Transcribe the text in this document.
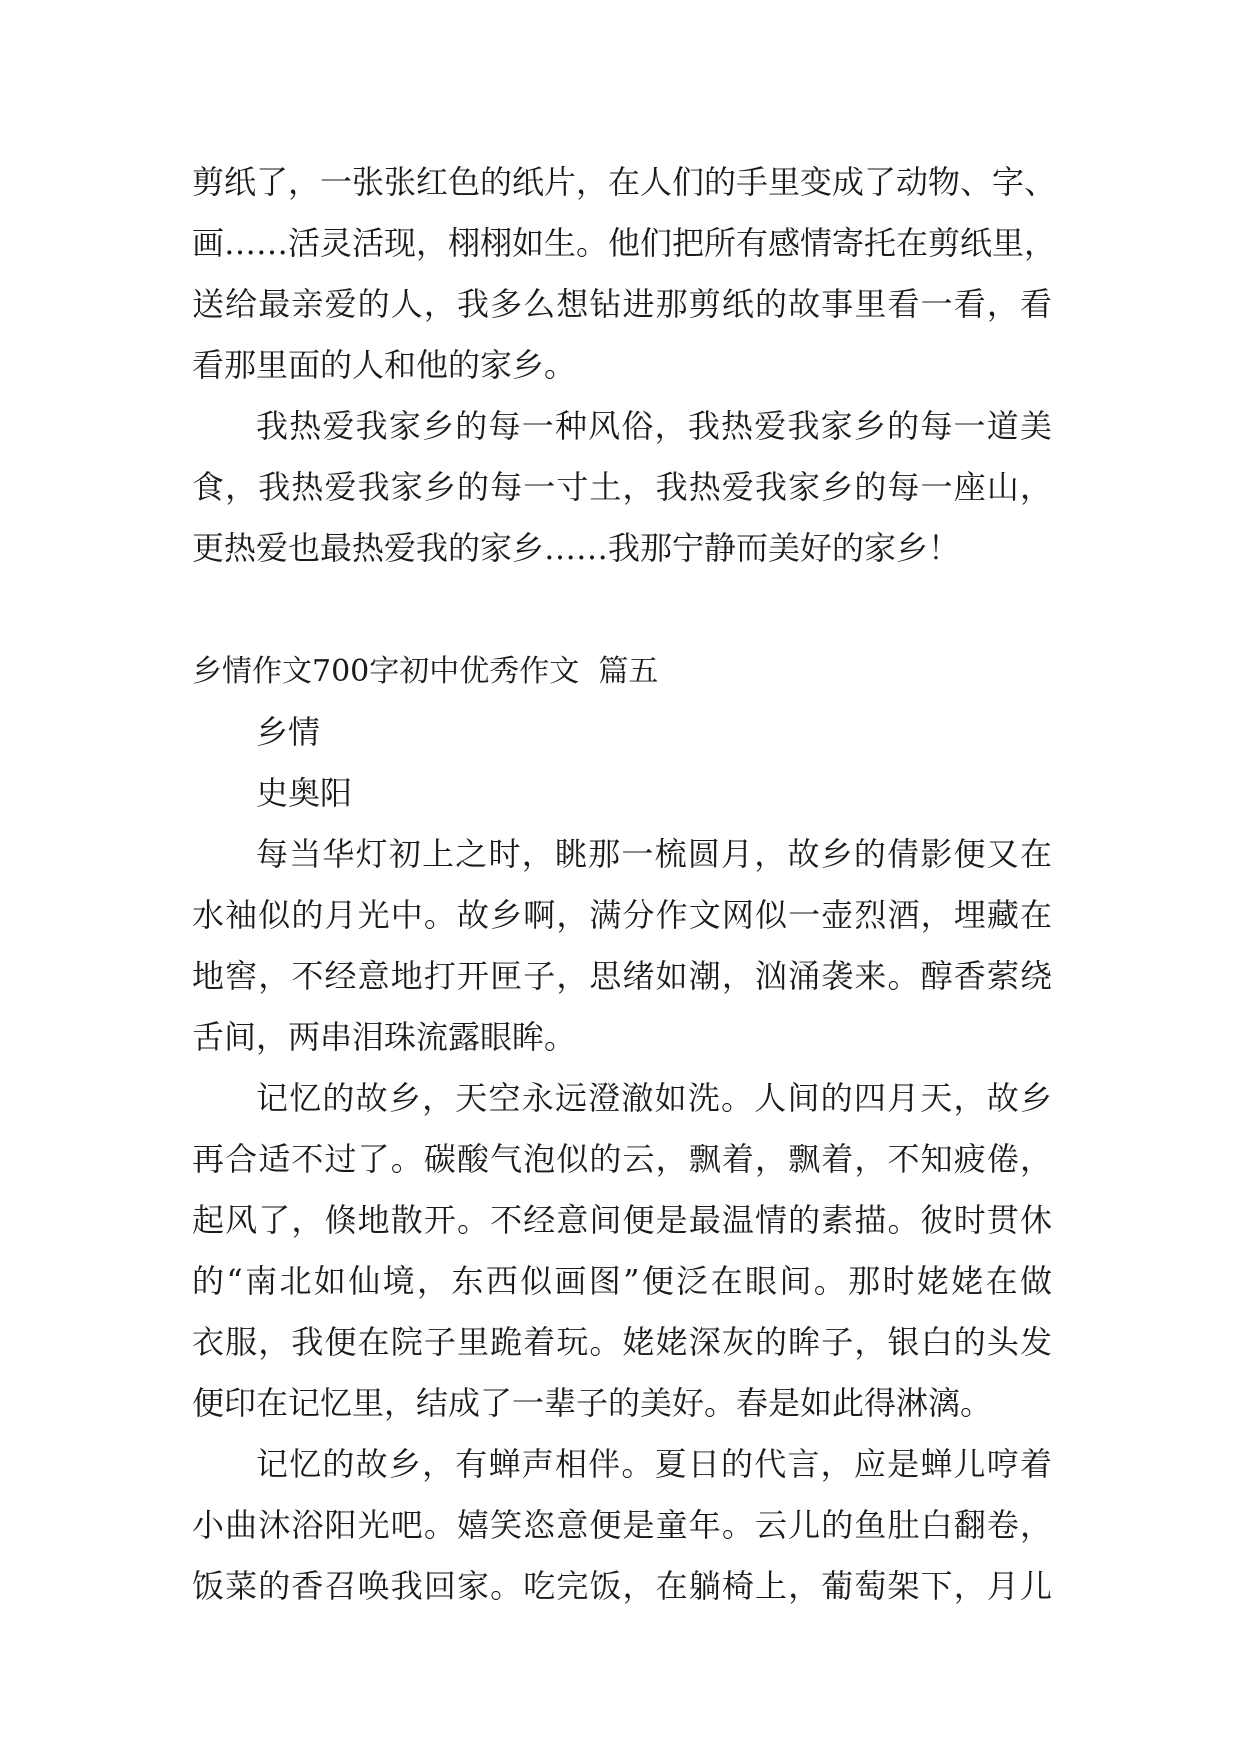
剪纸了，一张张红色的纸片，在人们的手里变成了动物、字、
画……活灵活现，栩栩如生。他们把所有感情寄托在剪纸里，
送给最亲爱的人，我多么想钻进那剪纸的故事里看一看，看
看那里面的人和他的家乡。
我热爱我家乡的每一种风俗，我热爱我家乡的每一道美
食，我热爱我家乡的每一寸土，我热爱我家乡的每一座山，
更热爱也最热爱我的家乡……我那宁静而美好的家乡！
乡情作文700字初中优秀作文  篇五
乡情
史奥阳
每当华灯初上之时，眺那一梳圆月，故乡的倩影便又在
水袖似的月光中。故乡啊，满分作文网似一壶烈酒，埋藏在
地窖，不经意地打开匣子，思绪如潮，汹涌袭来。醇香萦绕
舌间，两串泪珠流露眼眸。
记忆的故乡，天空永远澄澈如洗。人间的四月天，故乡
再合适不过了。碳酸气泡似的云，飘着，飘着，不知疲倦，
起风了，倏地散开。不经意间便是最温情的素描。彼时贯休
的“南北如仙境，东西似画图”便泛在眼间。那时姥姥在做
衣服，我便在院子里跪着玩。姥姥深灰的眸子，银白的头发
便印在记忆里，结成了一辈子的美好。春是如此得淋漓。
记忆的故乡，有蝉声相伴。夏日的代言，应是蝉儿哼着
小曲沐浴阳光吧。嬉笑恣意便是童年。云儿的鱼肚白翻卷，
饭菜的香召唤我回家。吃完饭，在躺椅上，葡萄架下，月儿
